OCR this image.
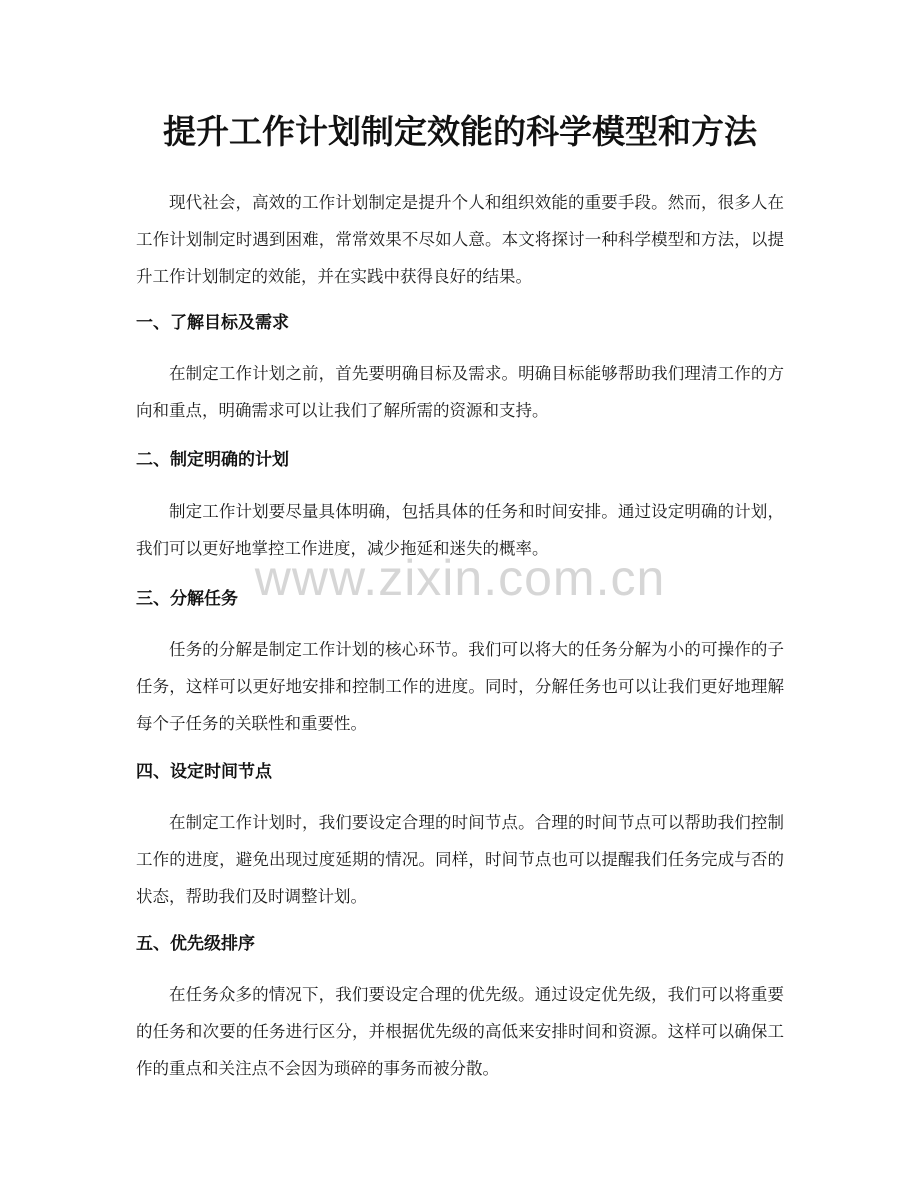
提升工作计划制定效能的科学模型和方法

现代社会，高效的工作计划制定是提升个人和组织效能的重要手段。然而，很多人在工作计划制定时遇到困难，常常效果不尽如人意。本文将探讨一种科学模型和方法，以提升工作计划制定的效能，并在实践中获得良好的结果。

一、了解目标及需求

在制定工作计划之前，首先要明确目标及需求。明确目标能够帮助我们理清工作的方向和重点，明确需求可以让我们了解所需的资源和支持。

二、制定明确的计划

制定工作计划要尽量具体明确，包括具体的任务和时间安排。通过设定明确的计划，我们可以更好地掌控工作进度，减少拖延和迷失的概率。

三、分解任务

任务的分解是制定工作计划的核心环节。我们可以将大的任务分解为小的可操作的子任务，这样可以更好地安排和控制工作的进度。同时，分解任务也可以让我们更好地理解每个子任务的关联性和重要性。

四、设定时间节点

在制定工作计划时，我们要设定合理的时间节点。合理的时间节点可以帮助我们控制工作的进度，避免出现过度延期的情况。同样，时间节点也可以提醒我们任务完成与否的状态，帮助我们及时调整计划。

五、优先级排序

在任务众多的情况下，我们要设定合理的优先级。通过设定优先级，我们可以将重要的任务和次要的任务进行区分，并根据优先级的高低来安排时间和资源。这样可以确保工作的重点和关注点不会因为琐碎的事务而被分散。

www.zixin.com.cn
